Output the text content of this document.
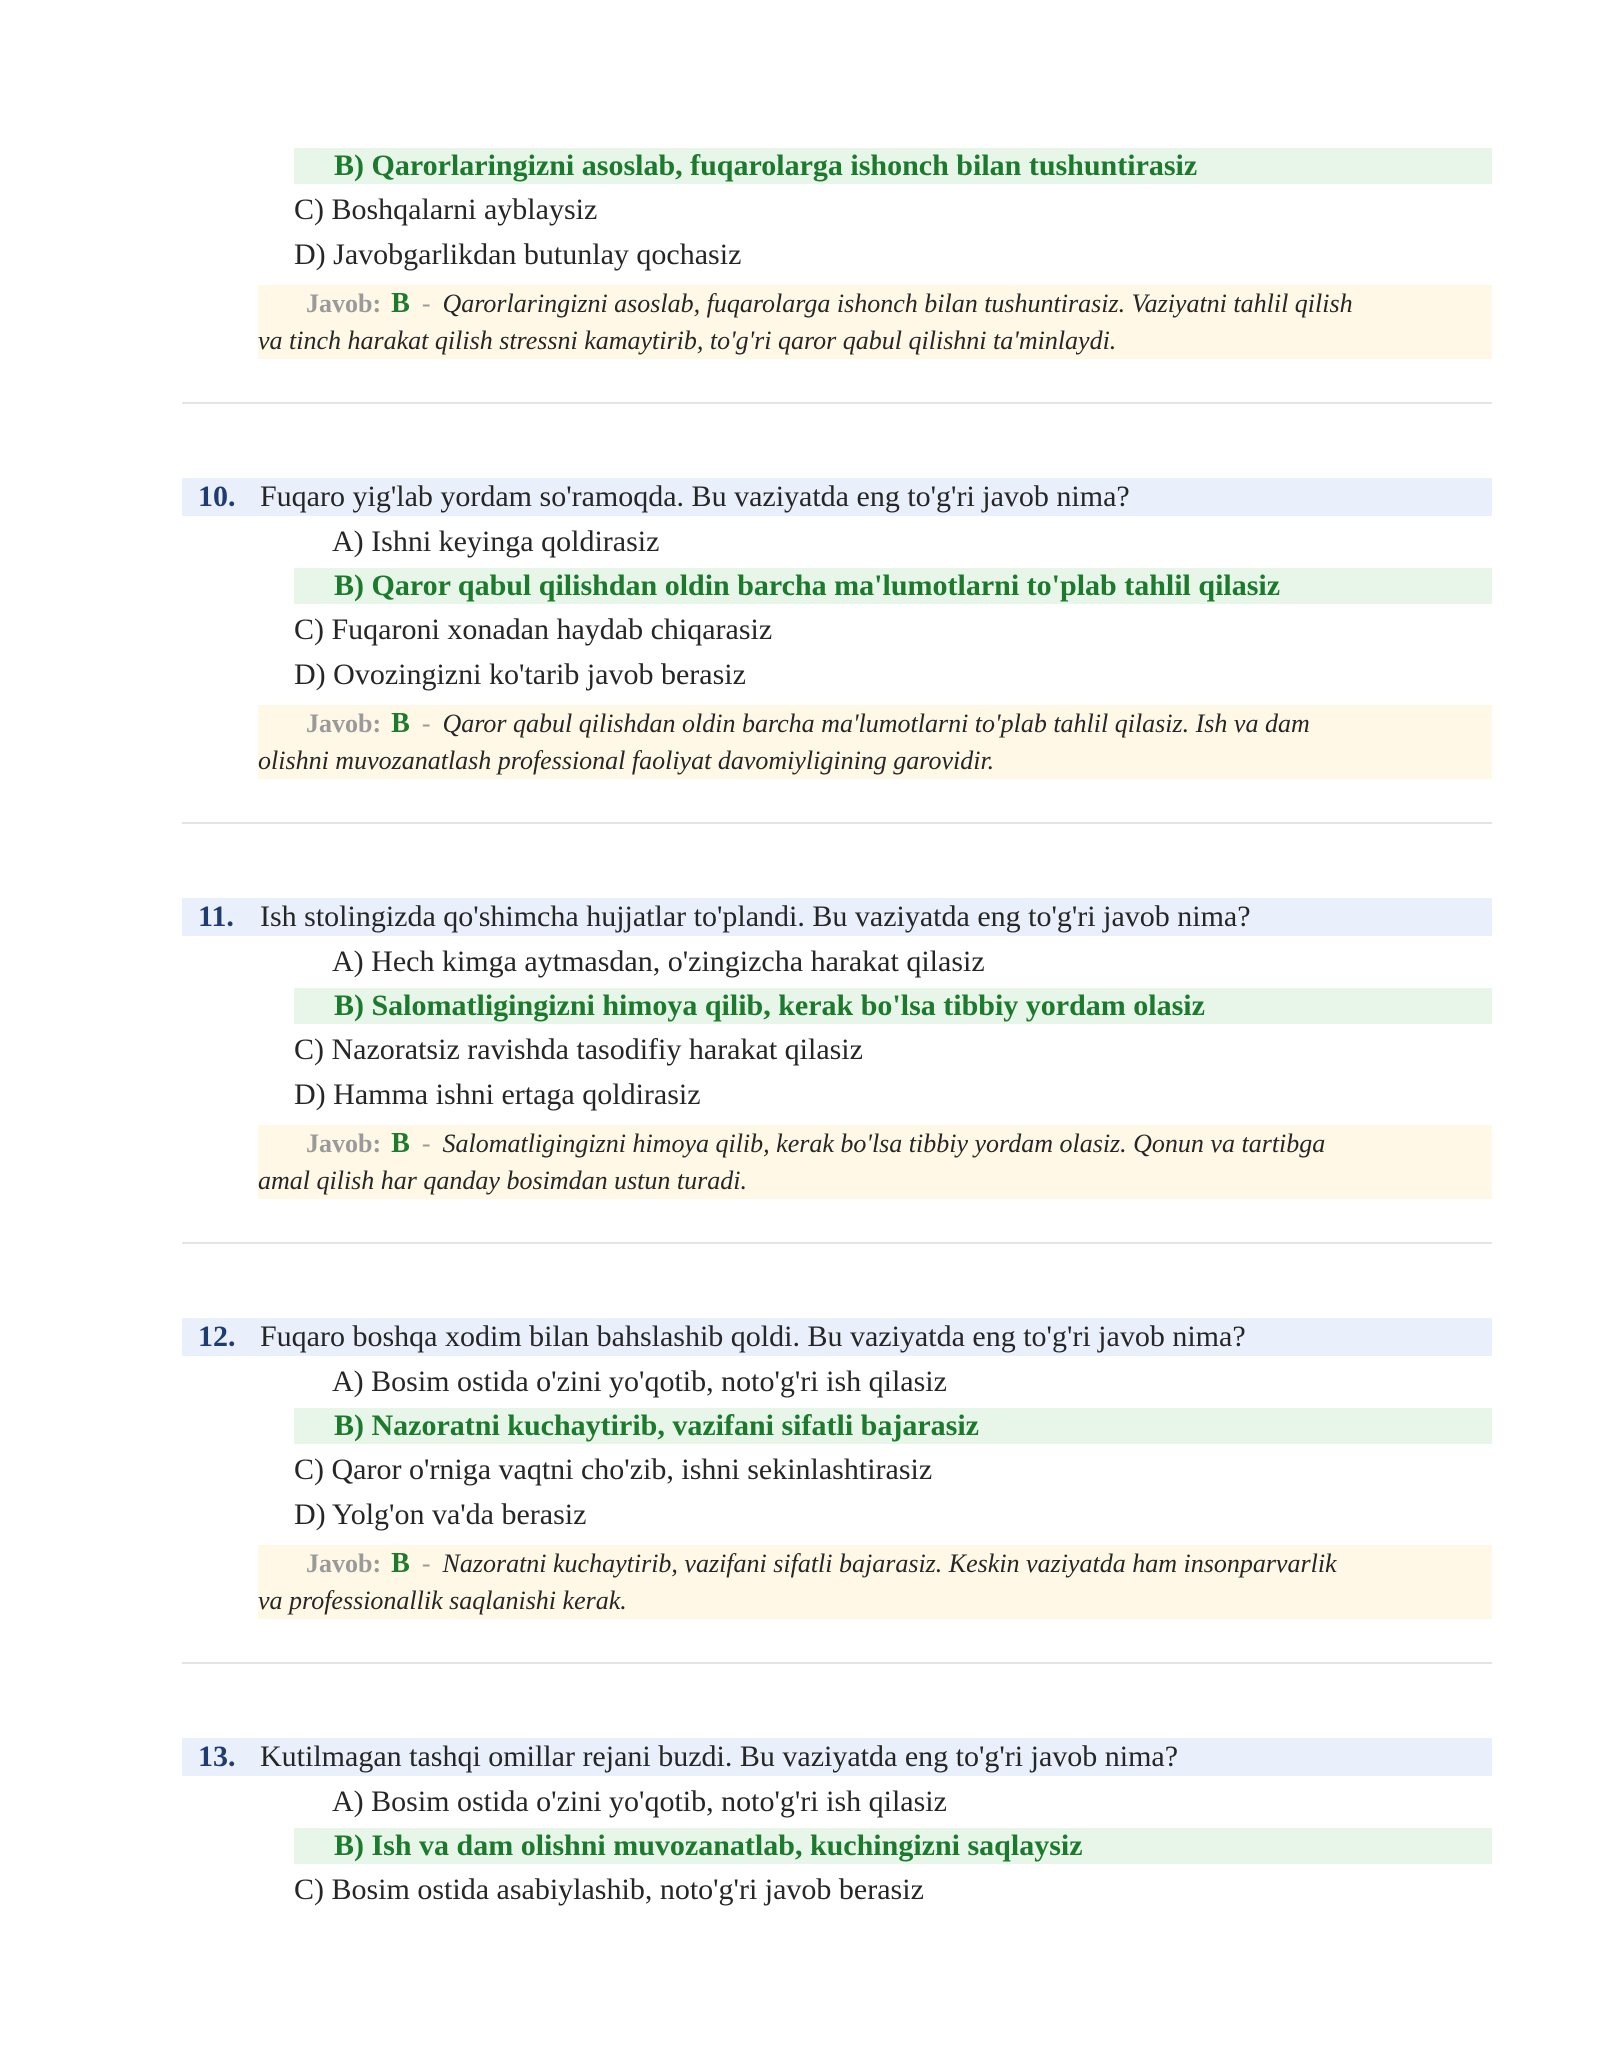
B) Qarorlaringizni asoslab, fuqarolarga ishonch bilan tushuntirasiz
C) Boshqalarni ayblaysiz
D) Javobgarlikdan butunlay qochasiz
Javob: B - Qarorlaringizni asoslab, fuqarolarga ishonch bilan tushuntirasiz. Vaziyatni tahlil qilish
va tinch harakat qilish stressni kamaytirib, to'g'ri qaror qabul qilishni ta'minlaydi.
10. Fuqaro yig'lab yordam so'ramoqda. Bu vaziyatda eng to'g'ri javob nima?
A) Ishni keyinga qoldirasiz
B) Qaror qabul qilishdan oldin barcha ma'lumotlarni to'plab tahlil qilasiz
C) Fuqaroni xonadan haydab chiqarasiz
D) Ovozingizni ko'tarib javob berasiz
Javob: B - Qaror qabul qilishdan oldin barcha ma'lumotlarni to'plab tahlil qilasiz. Ish va dam
olishni muvozanatlash professional faoliyat davomiyligining garovidir.
11. Ish stolingizda qo'shimcha hujjatlar to'plandi. Bu vaziyatda eng to'g'ri javob nima?
A) Hech kimga aytmasdan, o'zingizcha harakat qilasiz
B) Salomatligingizni himoya qilib, kerak bo'lsa tibbiy yordam olasiz
C) Nazoratsiz ravishda tasodifiy harakat qilasiz
D) Hamma ishni ertaga qoldirasiz
Javob: B - Salomatligingizni himoya qilib, kerak bo'lsa tibbiy yordam olasiz. Qonun va tartibga
amal qilish har qanday bosimdan ustun turadi.
12. Fuqaro boshqa xodim bilan bahslashib qoldi. Bu vaziyatda eng to'g'ri javob nima?
A) Bosim ostida o'zini yo'qotib, noto'g'ri ish qilasiz
B) Nazoratni kuchaytirib, vazifani sifatli bajarasiz
C) Qaror o'rniga vaqtni cho'zib, ishni sekinlashtirasiz
D) Yolg'on va'da berasiz
Javob: B - Nazoratni kuchaytirib, vazifani sifatli bajarasiz. Keskin vaziyatda ham insonparvarlik
va professionallik saqlanishi kerak.
13. Kutilmagan tashqi omillar rejani buzdi. Bu vaziyatda eng to'g'ri javob nima?
A) Bosim ostida o'zini yo'qotib, noto'g'ri ish qilasiz
B) Ish va dam olishni muvozanatlab, kuchingizni saqlaysiz
C) Bosim ostida asabiylashib, noto'g'ri javob berasiz
